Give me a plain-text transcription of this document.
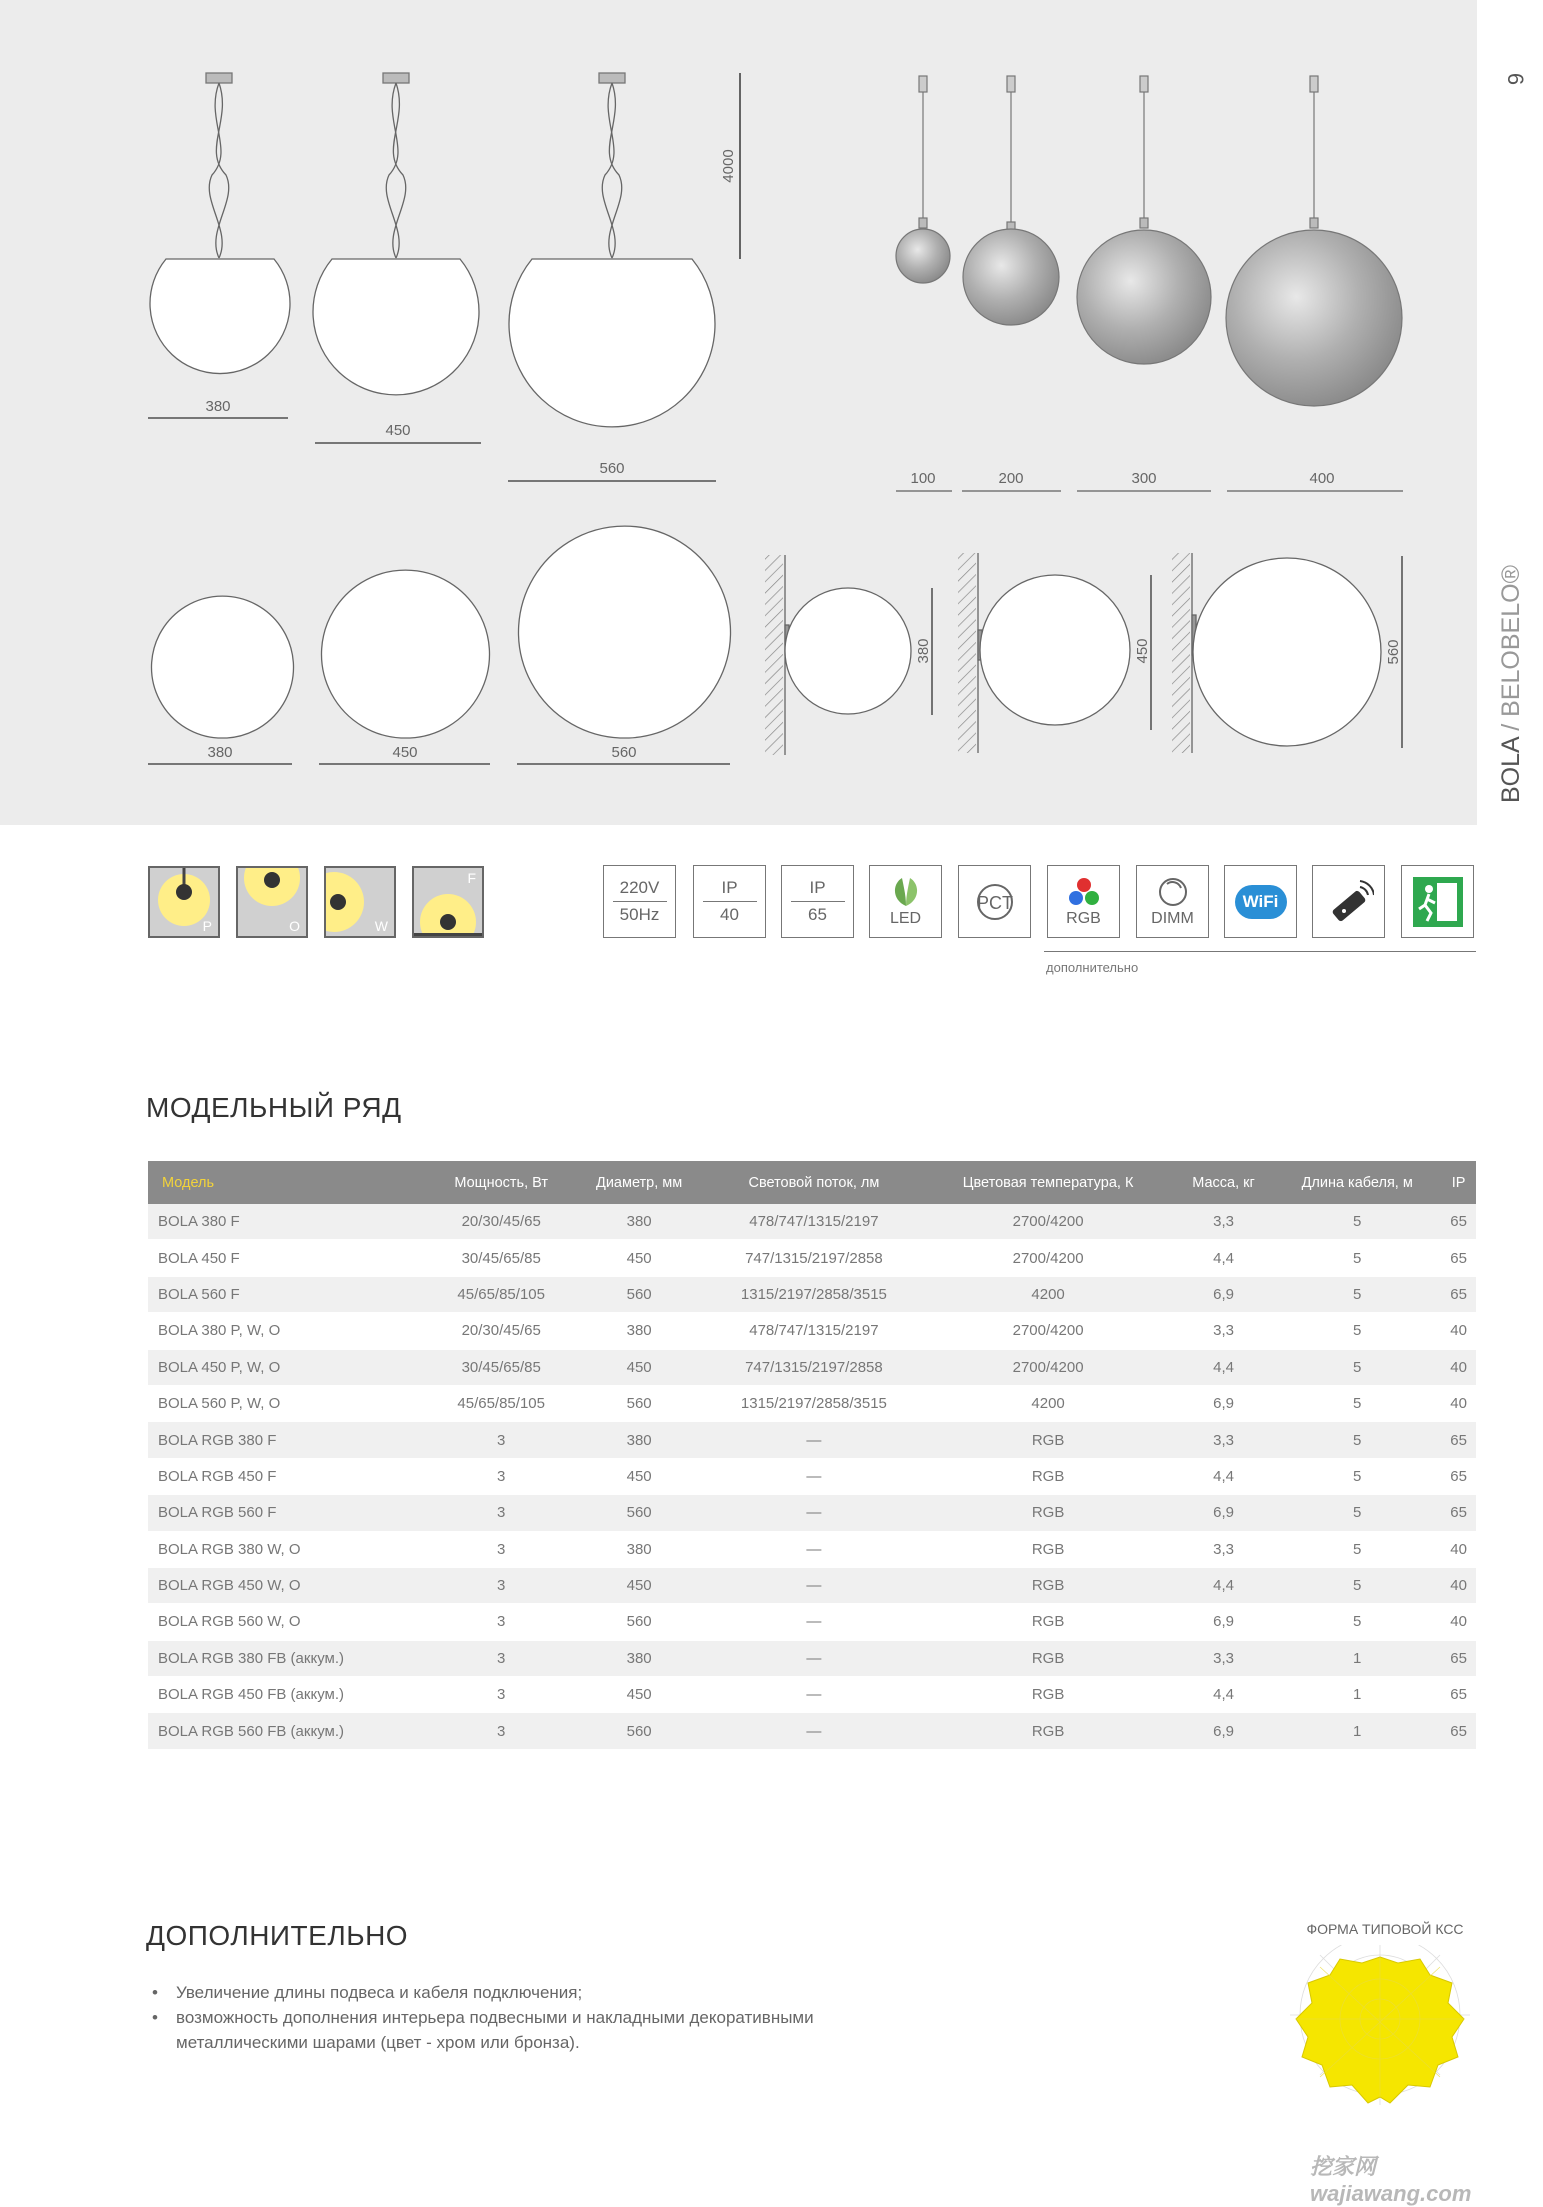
4000
380
450
560
100	200	300	400
380	450	560
380	450	560
6
BOLA / BELOBELO®
P	O	W
F	220V
50Hz
IP
40
IP
65	LED
PCT
RGB	DIMM
WiFi
дополнительно
МОДЕЛЬНЫЙ РЯД
Модель	Мощность, Вт	Диаметр, мм	Световой поток, лм	Цветовая температура, К	Масса, кг	Длина кабеля, м	IP
BOLA 380 F	20/30/45/65	380	478/747/1315/2197	2700/4200	3,3	5	65
BOLA 450 F	30/45/65/85	450	747/1315/2197/2858	2700/4200	4,4	5	65
BOLA 560 F	45/65/85/105	560	1315/2197/2858/3515	4200	6,9	5	65
BOLA 380 P, W, O	20/30/45/65	380	478/747/1315/2197	2700/4200	3,3	5	40
BOLA 450 P, W, O	30/45/65/85	450	747/1315/2197/2858	2700/4200	4,4	5	40
BOLA 560 P, W, O	45/65/85/105	560	1315/2197/2858/3515	4200	6,9	5	40
BOLA RGB 380 F	3	380	—	RGB	3,3	5	65
BOLA RGB 450 F	3	450	—	RGB	4,4	5	65
BOLA RGB 560 F	3	560	—	RGB	6,9	5	65
BOLA RGB 380 W, O	3	380	—	RGB	3,3	5	40
BOLA RGB 450 W, O	3	450	—	RGB	4,4	5	40
BOLA RGB 560 W, O	3	560	—	RGB	6,9	5	40
BOLA RGB 380 FB (аккум.)	3	380	—	RGB	3,3	1	65
BOLA RGB 450 FB (аккум.)	3	450	—	RGB	4,4	1	65
BOLA RGB 560 FB (аккум.)	3	560	—	RGB	6,9	1	65
ДОПОЛНИТЕЛЬНО
• Увеличение длины подвеса и кабеля подключения;
• возможность дополнения интерьера подвесными и накладными декоративными металлическими шарами (цвет - хром или бронза).
ФОРМА ТИПОВОЙ КСС
挖家网 wajiawang.com
